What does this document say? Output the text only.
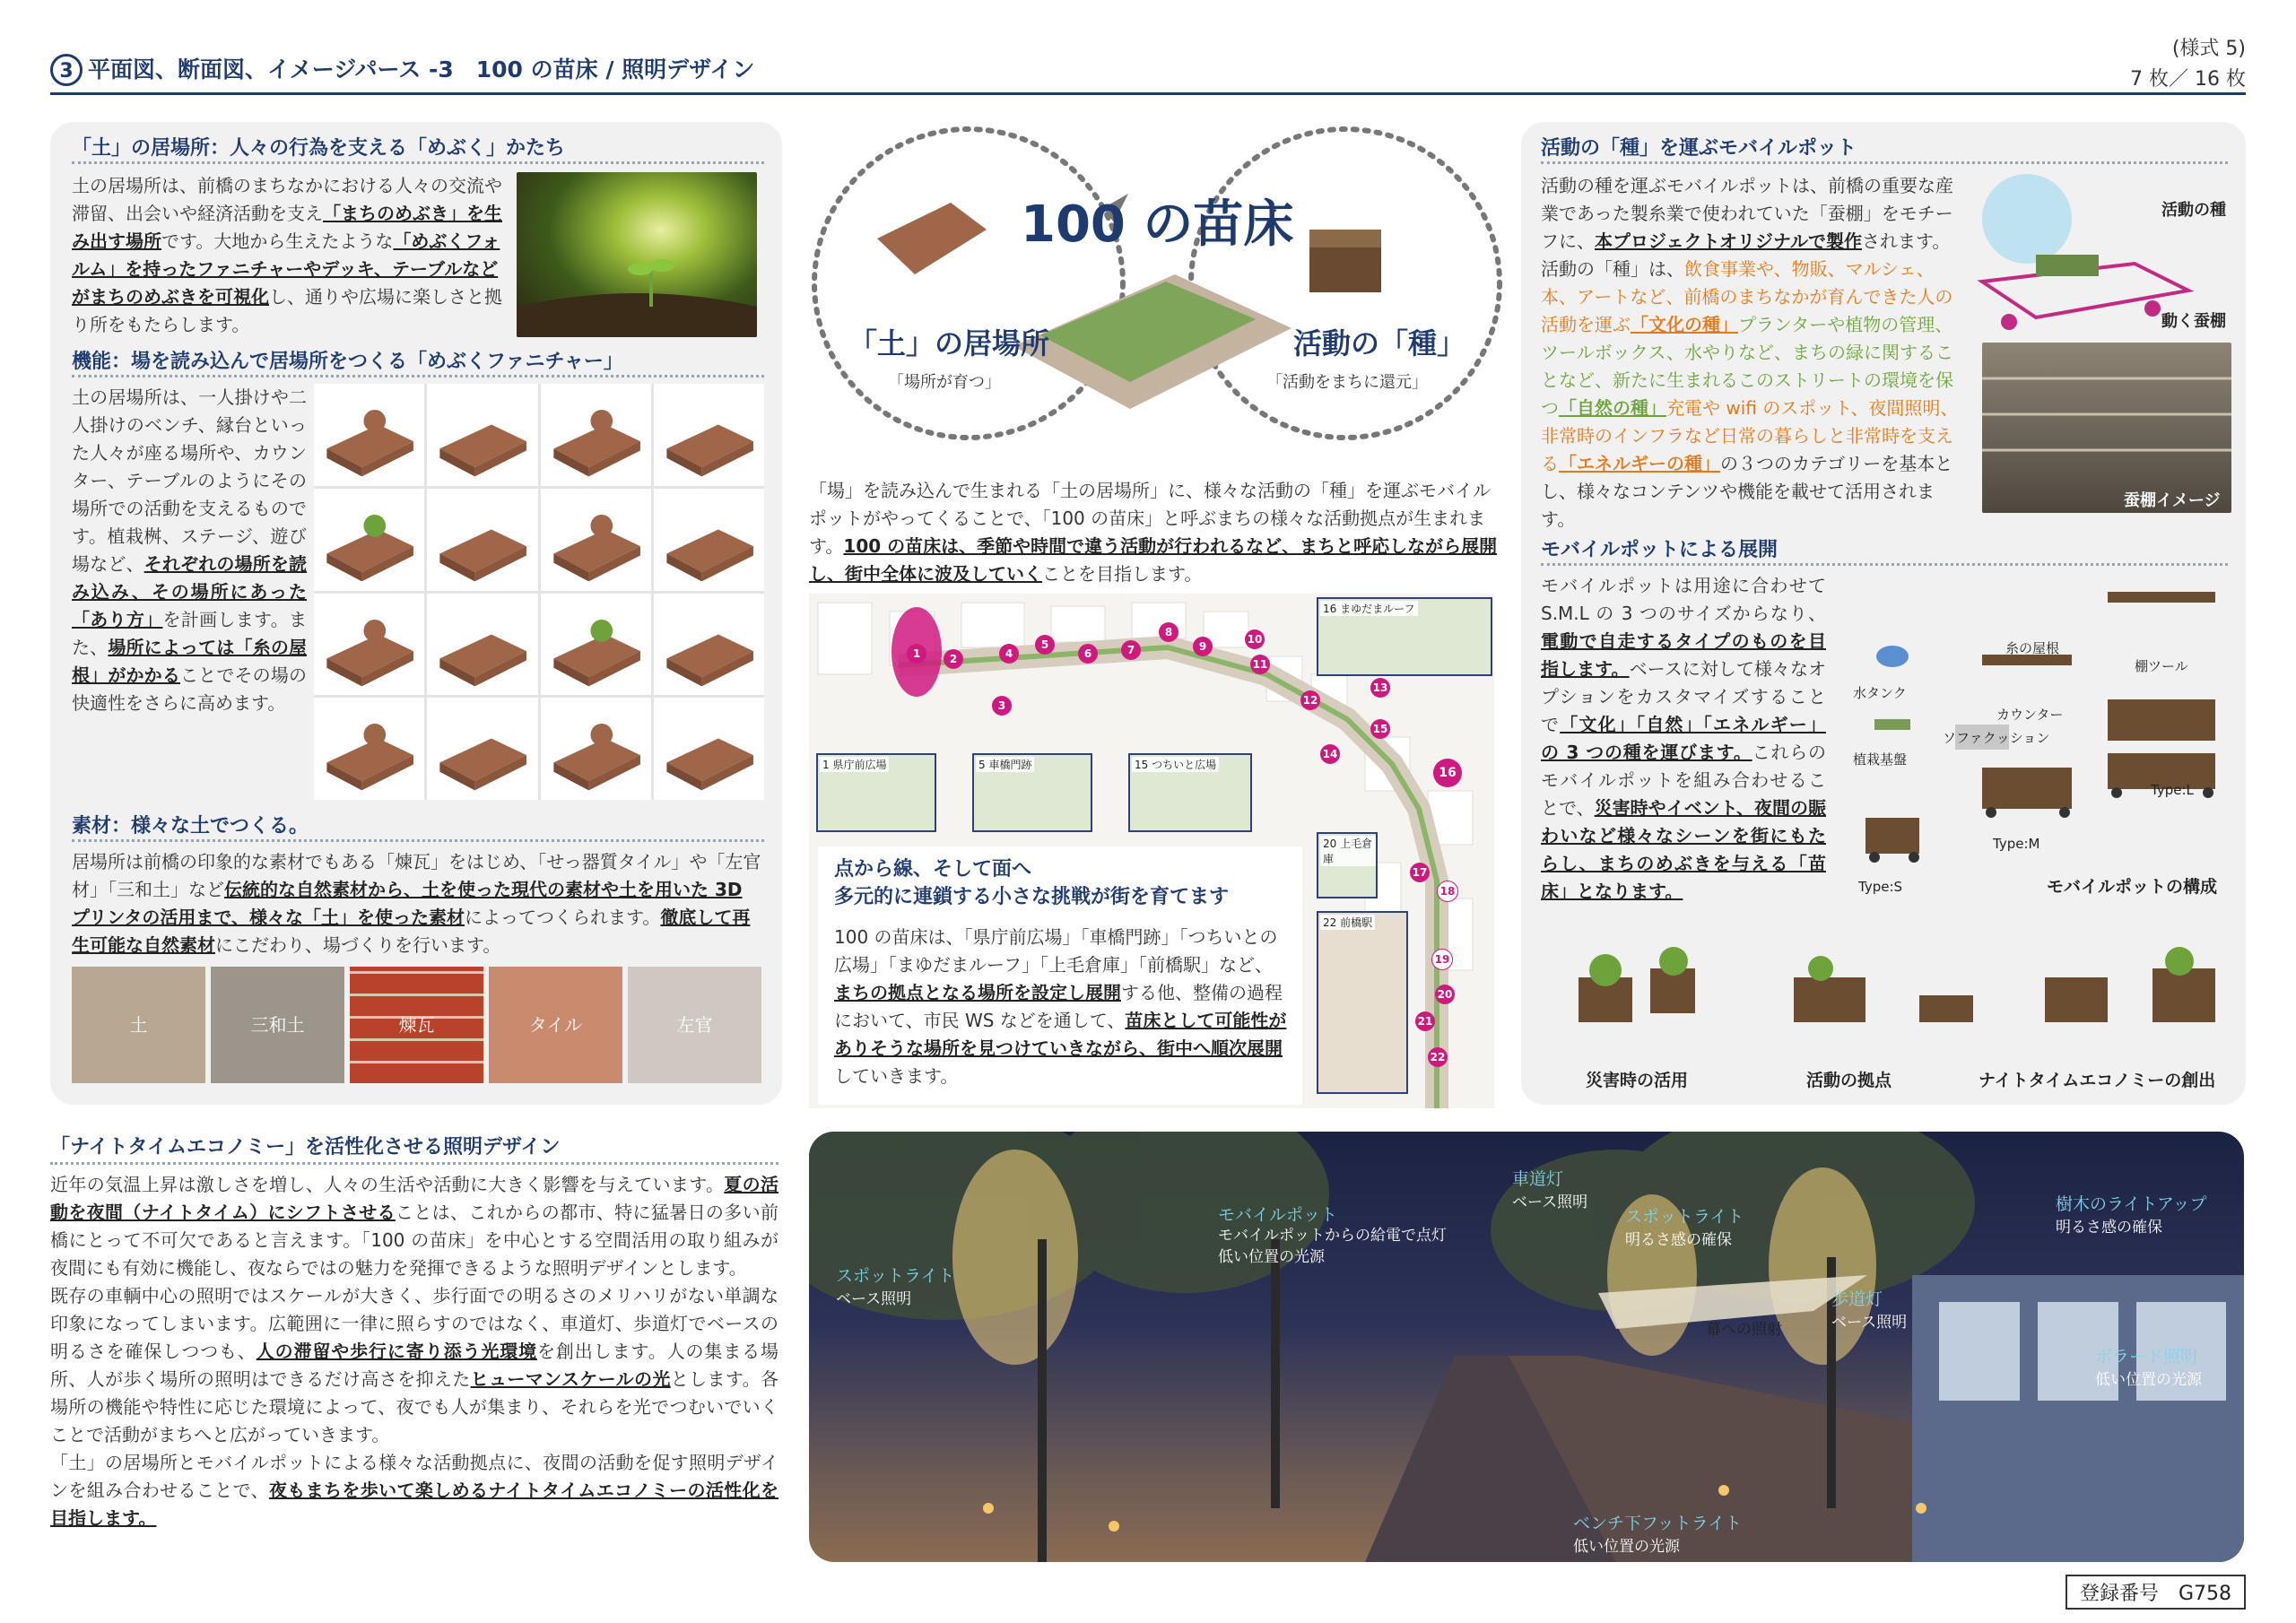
3 平面図、断面図、イメージパース -3　100 の苗床 / 照明デザイン
(様式 5)
7 枚／ 16 枚
「土」の居場所：人々の行為を支える「めぶく」かたち
土の居場所は、前橋のまちなかにおける人々の交流や滞留、出会いや経済活動を支え「まちのめぶき」を生み出す場所です。大地から生えたような「めぶくフォルム」を持ったファニチャーやデッキ、テーブルなどがまちのめぶきを可視化し、通りや広場に楽しさと拠り所をもたらします。
機能：場を読み込んで居場所をつくる「めぶくファニチャー」
土の居場所は、一人掛けや二人掛けのベンチ、縁台といった人々が座る場所や、カウンター、テーブルのようにその場所での活動を支えるものです。植栽桝、ステージ、遊び場など、それぞれの場所を読み込み、その場所にあった「あり方」を計画します。また、場所によっては「糸の屋根」がかかることでその場の快適性をさらに高めます。
素材：様々な土でつくる。
居場所は前橋の印象的な素材でもある「煉瓦」をはじめ、「せっ器質タイル」や「左官材」「三和土」など伝統的な自然素材から、土を使った現代の素材や土を用いた 3D プリンタの活用まで、様々な「土」を使った素材によってつくられます。徹底して再生可能な自然素材にこだわり、場づくりを行います。
土	三和土	煉瓦	タイル	左官
100 の苗床
「土」の居場所
「場所が育つ」
活動の「種」
「活動をまちに還元」
「場」を読み込んで生まれる「土の居場所」に、様々な活動の「種」を運ぶモバイルポットがやってくることで、「100 の苗床」と呼ぶまちの様々な活動拠点が生まれます。100 の苗床は、季節や時間で違う活動が行われるなど、まちと呼応しながら展開し、街中全体に波及していくことを目指します。
1	2
3
4
5
6	7
8
9
10
11
12
13
14
15
16
17
18
19
20
21
22
1 県庁前広場	5 車橋門跡	15 つちいと広場
16 まゆだまルーフ
20 上毛倉庫
22 前橋駅
点から線、そして面へ
多元的に連鎖する小さな挑戦が街を育てます
100 の苗床は、「県庁前広場」「車橋門跡」「つちいとの広場」「まゆだまルーフ」「上毛倉庫」「前橋駅」など、まちの拠点となる場所を設定し展開する他、整備の過程において、市民 WS などを通して、苗床として可能性がありそうな場所を見つけていきながら、街中へ順次展開していきます。
活動の「種」を運ぶモバイルポット
活動の種を運ぶモバイルポットは、前橋の重要な産業であった製糸業で使われていた「蚕棚」をモチーフに、本プロジェクトオリジナルで製作されます。活動の「種」は、飲食事業や、物販、マルシェ、本、アートなど、前橋のまちなかが育んできた人の活動を運ぶ「文化の種」プランターや植物の管理、ツールボックス、水やりなど、まちの緑に関することなど、新たに生まれるこのストリートの環境を保つ「自然の種」充電や wifi のスポット、夜間照明、非常時のインフラなど日常の暮らしと非常時を支える「エネルギーの種」の３つのカテゴリーを基本とし、様々なコンテンツや機能を載せて活用されます。
活動の種
動く蚕棚
蚕棚イメージ
モバイルポットによる展開
モバイルポットは用途に合わせて S.M.L の 3 つのサイズからなり、電動で自走するタイプのものを目指します。ベースに対して様々なオプションをカスタマイズすることで「文化」「自然」「エネルギー」の 3 つの種を運びます。これらのモバイルポットを組み合わせることで、災害時やイベント、夜間の賑わいなど様々なシーンを街にもたらし、まちのめぶきを与える「苗床」となります。
水タンク
植栽基盤
ソファクッション
カウンター
糸の屋根
棚ツール
Type:S
Type:M
Type:L
モバイルポットの構成
災害時の活用	活動の拠点	ナイトタイムエコノミーの創出
「ナイトタイムエコノミー」を活性化させる照明デザイン
近年の気温上昇は激しさを増し、人々の生活や活動に大きく影響を与えています。夏の活動を夜間（ナイトタイム）にシフトさせることは、これからの都市、特に猛暑日の多い前橋にとって不可欠であると言えます。「100 の苗床」を中心とする空間活用の取り組みが夜間にも有効に機能し、夜ならではの魅力を発揮できるような照明デザインとします。
既存の車輌中心の照明ではスケールが大きく、歩行面での明るさのメリハリがない単調な印象になってしまいます。広範囲に一律に照らすのではなく、車道灯、歩道灯でベースの明るさを確保しつつも、人の滞留や歩行に寄り添う光環境を創出します。人の集まる場所、人が歩く場所の照明はできるだけ高さを抑えたヒューマンスケールの光とします。各場所の機能や特性に応じた環境によって、夜でも人が集まり、それらを光でつむいでいくことで活動がまちへと広がっていきます。
「土」の居場所とモバイルポットによる様々な活動拠点に、夜間の活動を促す照明デザインを組み合わせることで、夜もまちを歩いて楽しめるナイトタイムエコノミーの活性化を目指します。
スポットライト
ベース照明
モバイルポット
モバイルポットからの給電で点灯
低い位置の光源
車道灯
ベース照明
スポットライト
明るさ感の確保
樹木のライトアップ
明るさ感の確保
歩道灯
ベース照明
ボラード照明
低い位置の光源
ベンチ下フットライト
低い位置の光源
幕への照射
登録番号　G758
